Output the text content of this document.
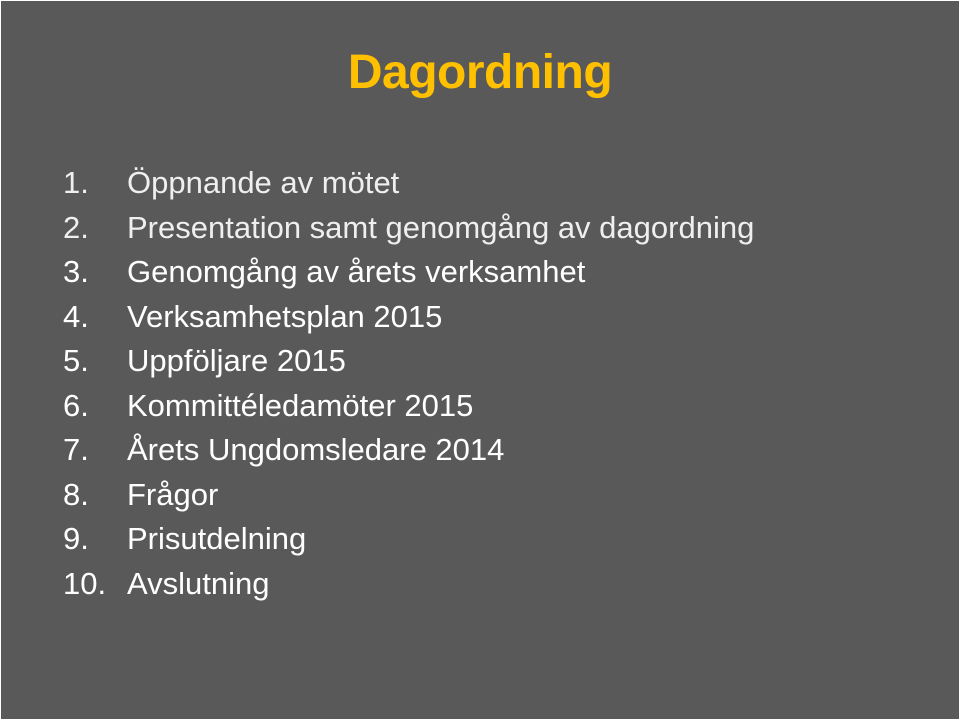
Dagordning
1. Öppnande av mötet
2. Presentation samt genomgång av dagordning
3. Genomgång av årets verksamhet
4. Verksamhetsplan 2015
5. Uppföljare 2015
6. Kommittéledamöter 2015
7. Årets Ungdomsledare 2014
8. Frågor
9. Prisutdelning
10. Avslutning
